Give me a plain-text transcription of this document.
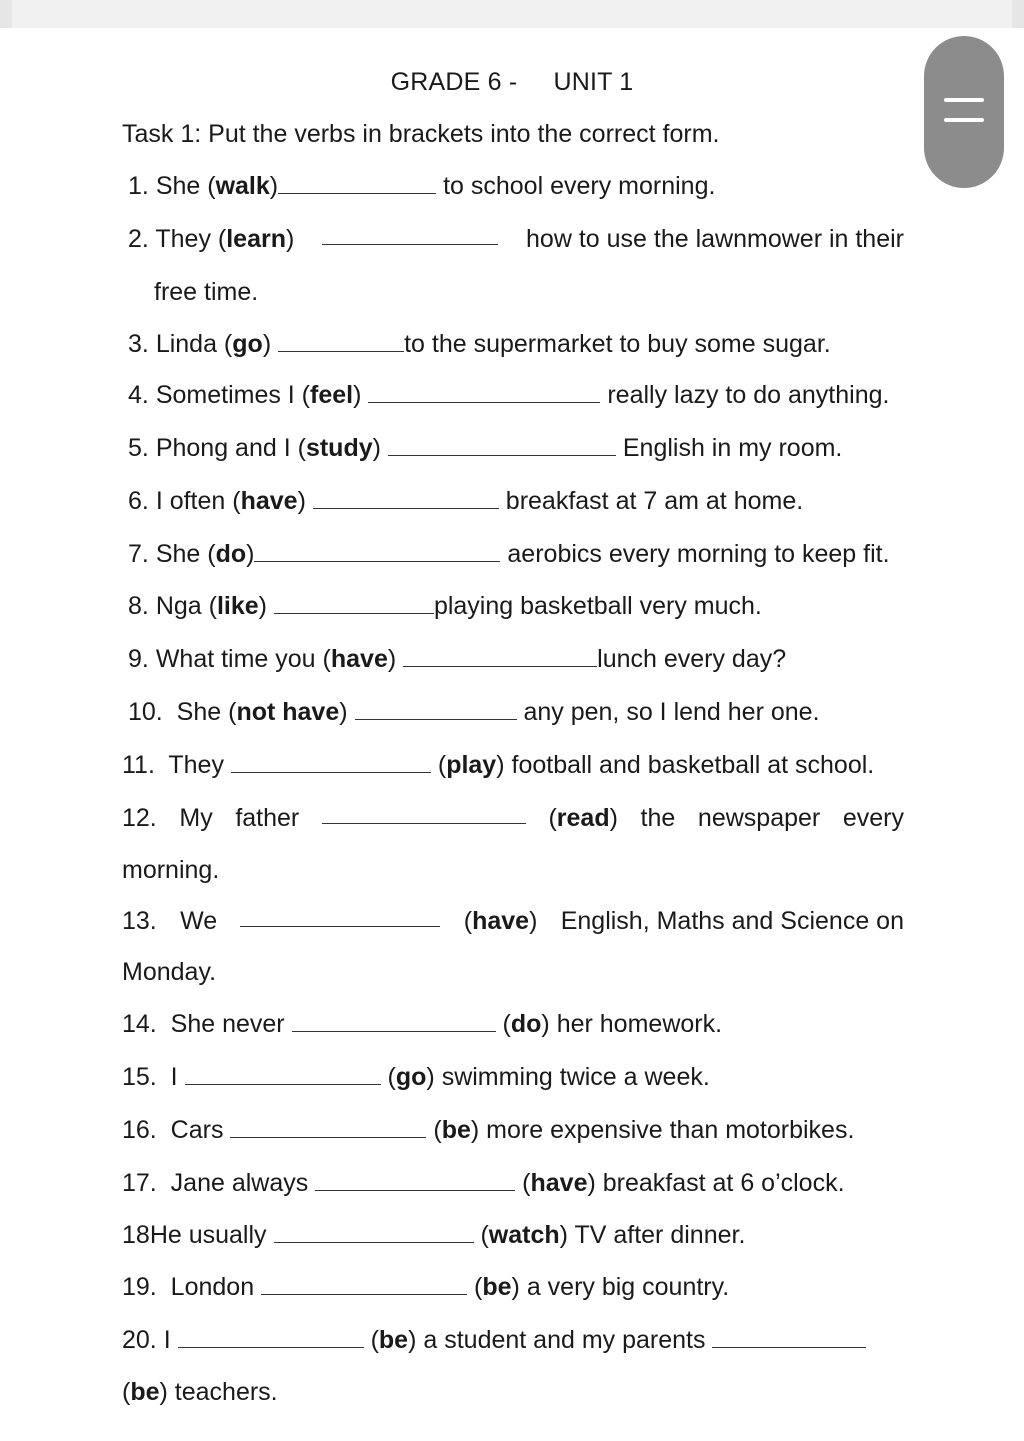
GRADE 6 - UNIT 1
Task 1: Put the verbs in brackets into the correct form.
1. She (walk)	to school every morning.
2. They (learn)	how to use the lawnmower in their
free time.
3. Linda (go)	to the supermarket to buy some sugar.
4. Sometimes I (feel)	really lazy to do anything.
5. Phong and I (study)	English in my room.
6. I often (have)	breakfast at 7 am at home.
7. She (do)	aerobics every morning to keep fit.
8. Nga (like)	playing basketball very much.
9. What time you (have)	lunch every day?
10. She (not have)	any pen, so I lend her one.
11. They	(play) football and basketball at school.
12. My father	(read) the newspaper every
morning.
13. We	(have) English, Maths and Science on
Monday.
14. She never	(do) her homework.
15. I	(go) swimming twice a week.
16. Cars	(be) more expensive than motorbikes.
17. Jane always	(have) breakfast at 6 o’clock.
18He usually	(watch) TV after dinner.
19. London	(be) a very big country.
20. I	(be) a student and my parents
(be) teachers.
